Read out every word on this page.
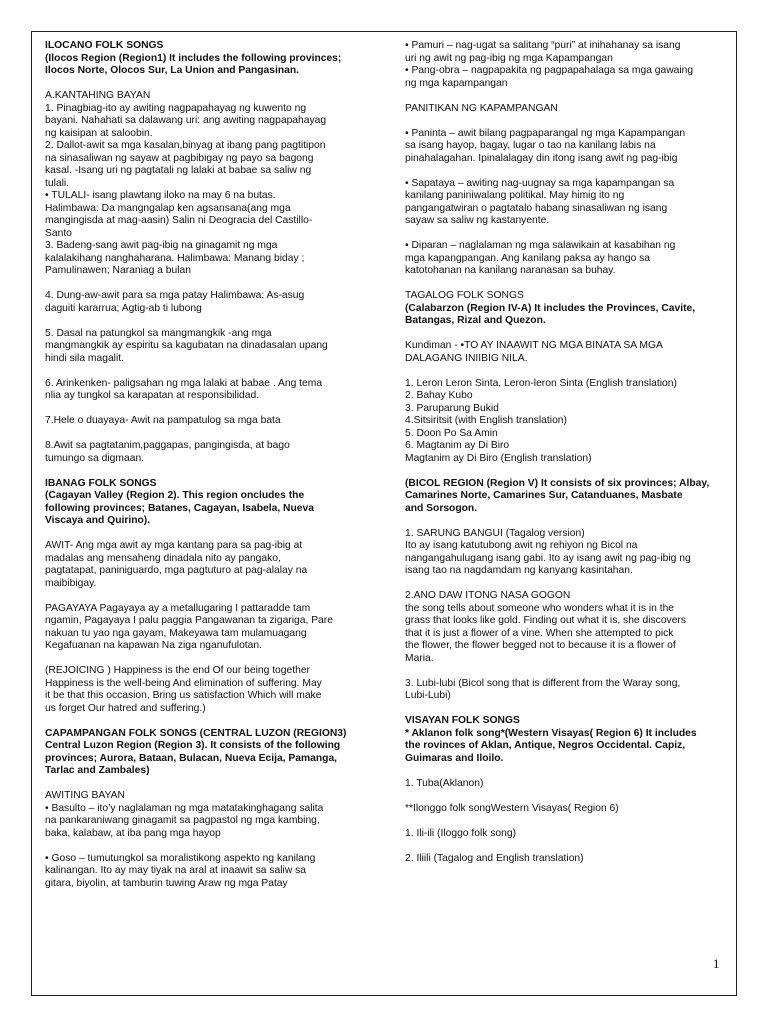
ILOCANO FOLK SONGS
(Ilocos Region (Region1) It includes the following provinces;
Ilocos Norte, Olocos Sur, La Union and Pangasinan.
A.KANTAHING BAYAN
1. Pinagbiag-ito ay awiting nagpapahayag ng kuwento ng
bayani. Nahahati sa dalawang uri: ang awiting nagpapahayag
ng kaisipan at saloobin.
2. Dallot-awit sa mga kasalan,binyag at ibang pang pagtitipon
na sinasaliwan ng sayaw at pagbibigay ng payo sa bagong
kasal. -Isang uri ng pagtatali ng lalaki at babae sa saliw ng
tulali.
• TULALI- isang plawtang iloko na may 6 na butas.
Halimbawa: Da mangngalap ken agsansana(ang mga
mangingisda at mag-aasin) Salin ni Deogracia del Castillo-
Santo
3. Badeng-sang awit pag-ibig na ginagamit ng mga
kalalakihang nanghaharana. Halimbawa: Manang biday ;
Pamulinawen; Naraniag a bulan
4. Dung-aw-awit para sa mga patay Halimbawa: As-asug
daguiti kararrua; Agtig-ab ti lubong
5. Dasal na patungkol sa mangmangkik -ang mga
mangmangkik ay espiritu sa kagubatan na dinadasalan upang
hindi sila magalit.
6. Arinkenken- paligsahan ng mga lalaki at babae . Ang tema
nlia ay tungkol sa karapatan at responsibilidad.
7.Hele o duayaya- Awit na pampatulog sa mga bata
8.Awit sa pagtatanim,paggapas, pangingisda, at bago
tumungo sa digmaan.
IBANAG FOLK SONGS
(Cagayan Valley (Region 2). This region oncludes the
following provinces; Batanes, Cagayan, Isabela, Nueva
Viscaya and Quirino).
AWIT- Ang mga awit ay mga kantang para sa pag-ibig at
madalas ang mensaheng dinadala nito ay pangako,
pagtatapat, paniniguardo, mga pagtuturo at pag-alalay na
maibibigay.
PAGAYAYA Pagayaya ay a metallugaring I pattaradde tam
ngamin, Pagayaya I palu paggia Pangawanan ta zigariga, Pare
nakuan tu yao nga gayam, Makeyawa tam mulamuagang
Kegafuanan na kapawan Na ziga nganufulotan.
(REJOICING ) Happiness is the end Of our being together
Happiness is the well-being And elimination of suffering. May
it be that this occasion, Bring us satisfaction Which will make
us forget Our hatred and suffering.)
CAPAMPANGAN FOLK SONGS (CENTRAL LUZON (REGION3)
Central Luzon Region (Region 3). It consists of the following
provinces; Aurora, Bataan, Bulacan, Nueva Ecija, Pamanga,
Tarlac and Zambales)
AWITING BAYAN
• Basulto – ito’y naglalaman ng mga matatakinghagang salita
na pankaraniwang ginagamit sa pagpastol ng mga kambing,
baka, kalabaw, at iba pang mga hayop
• Goso – tumutungkol sa moralistikong aspekto ng kanilang
kalinangan. Ito ay may tiyak na aral at inaawit sa saliw sa
gitara, biyolin, at tamburin tuwing Araw ng mga Patay
• Pamuri – nag-ugat sa salitang “puri” at inihahanay sa isang
uri ng awit ng pag-ibig ng mga Kapampangan
• Pang-obra – nagpapakita ng pagpapahalaga sa mga gawaing
ng mga kapampangan
PANITIKAN NG KAPAMPANGAN
• Paninta – awit bilang pagpaparangal ng mga Kapampangan
sa isang hayop, bagay, lugar o tao na kanilang labis na
pinahalagahan. Ipinalalagay din itong isang awit ng pag-ibig
• Sapataya – awiting nag-uugnay sa mga kapampangan sa
kanilang paniniwalang politikal. May himig ito ng
pangangatwiran o pagtatalo habang sinasaliwan ng isang
sayaw sa saliw ng kastanyente.
• Diparan – naglalaman ng mga salawikain at kasabihan ng
mga kapangpangan. Ang kanilang paksa ay hango sa
katotohanan na kanilang naranasan sa buhay.
TAGALOG FOLK SONGS
(Calabarzon (Region IV-A) It includes the Provinces, Cavite,
Batangas, Rizal and Quezon.
Kundiman - •TO AY INAAWIT NG MGA BINATA SA MGA
DALAGANG INIIBIG NILA.
1. Leron Leron Sinta, Leron-leron Sinta (English translation)
2. Bahay Kubo
3. Paruparung Bukid
4.Sitsiritsit (with English translation)
5. Doon Po Sa Amin
6. Magtanim ay Di Biro
Magtanim ay Di Biro (English translation)
(BICOL REGION (Region V) It consists of six provinces; Albay,
Camarines Norte, Camarines Sur, Catanduanes, Masbate
and Sorsogon.
1. SARUNG BANGUI (Tagalog version)
Ito ay isang katutubong awit ng rehiyon ng Bicol na
nangangahulugang isang gabi. Ito ay isang awit ng pag-ibig ng
isang tao na nagdamdam ng kanyang kasintahan.
2.ANO DAW ITONG NASA GOGON
the song tells about someone who wonders what it is in the
grass that looks like gold. Finding out what it is, she discovers
that it is just a flower of a vine. When she attempted to pick
the flower, the flower begged not to because it is a flower of
Maria.
3. Lubi-lubi (Bicol song that is different from the Waray song,
Lubi-Lubi)
VISAYAN FOLK SONGS
* Aklanon folk song*(Western Visayas( Region 6) It includes
the rovinces of Aklan, Antique, Negros Occidental. Capiz,
Guimaras and Iloilo.
1. Tuba(Aklanon)
**Ilonggo folk songWestern Visayas( Region 6)
1. Ili-ili (Iloggo folk song)
2. Iliili (Tagalog and English translation)
1
